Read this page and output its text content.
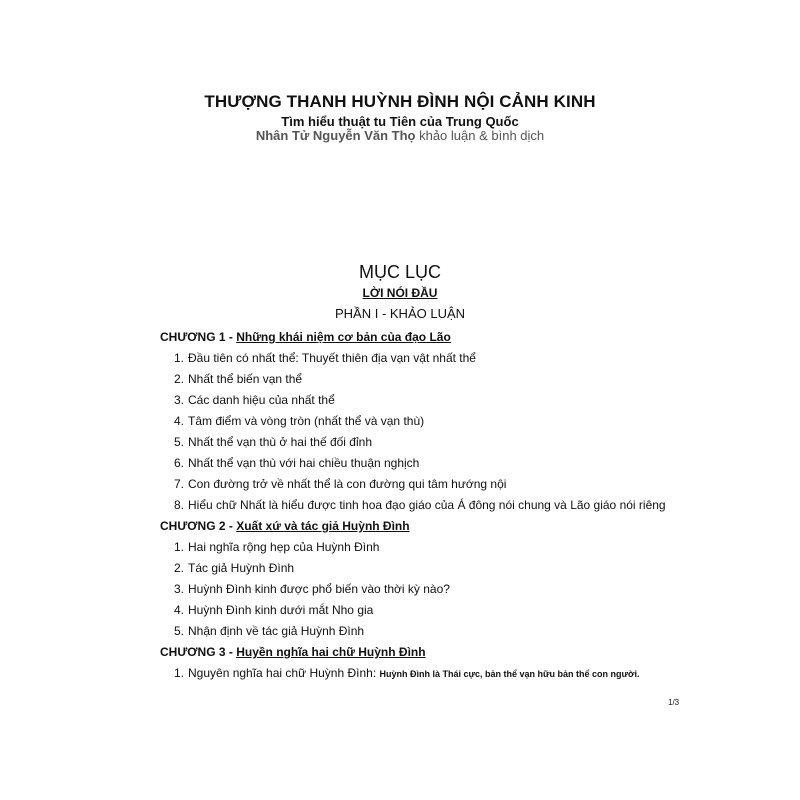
THƯỢNG THANH HUỲNH ĐÌNH NỘI CẢNH KINH
Tìm hiểu thuật tu Tiên của Trung Quốc
Nhân Tử Nguyễn Văn Thọ khảo luận & bình dịch
MỤC LỤC
LỜI NÓI ĐẦU
PHẦN I - KHẢO LUẬN
CHƯƠNG 1 - Những khái niệm cơ bản của đạo Lão
1. Đầu tiên có nhất thể: Thuyết thiên địa vạn vật nhất thể
2. Nhất thể biến vạn thể
3. Các danh hiệu của nhất thể
4. Tâm điểm và vòng tròn (nhất thể và vạn thù)
5. Nhất thể vạn thù ở hai thế đối đỉnh
6. Nhất thể vạn thù với hai chiều thuận nghịch
7. Con đường trở về nhất thể là con đường qui tâm hướng nội
8. Hiểu chữ Nhất là hiểu được tinh hoa đạo giáo của Á đông nói chung và Lão giáo nói riêng
CHƯƠNG 2 - Xuất xứ và tác giả Huỳnh Đình
1. Hai nghĩa rộng hẹp của Huỳnh Đình
2. Tác giả Huỳnh Đình
3. Huỳnh Đình kinh được phổ biến vào thời kỳ nào?
4. Huỳnh Đình kinh dưới mắt Nho gia
5. Nhận định về tác giả Huỳnh Đình
CHƯƠNG 3 - Huyền nghĩa hai chữ Huỳnh Đình
1. Nguyên nghĩa hai chữ Huỳnh Đình: Huỳnh Đình là Thái cực, bản thể vạn hữu bản thể con người.
1/3
